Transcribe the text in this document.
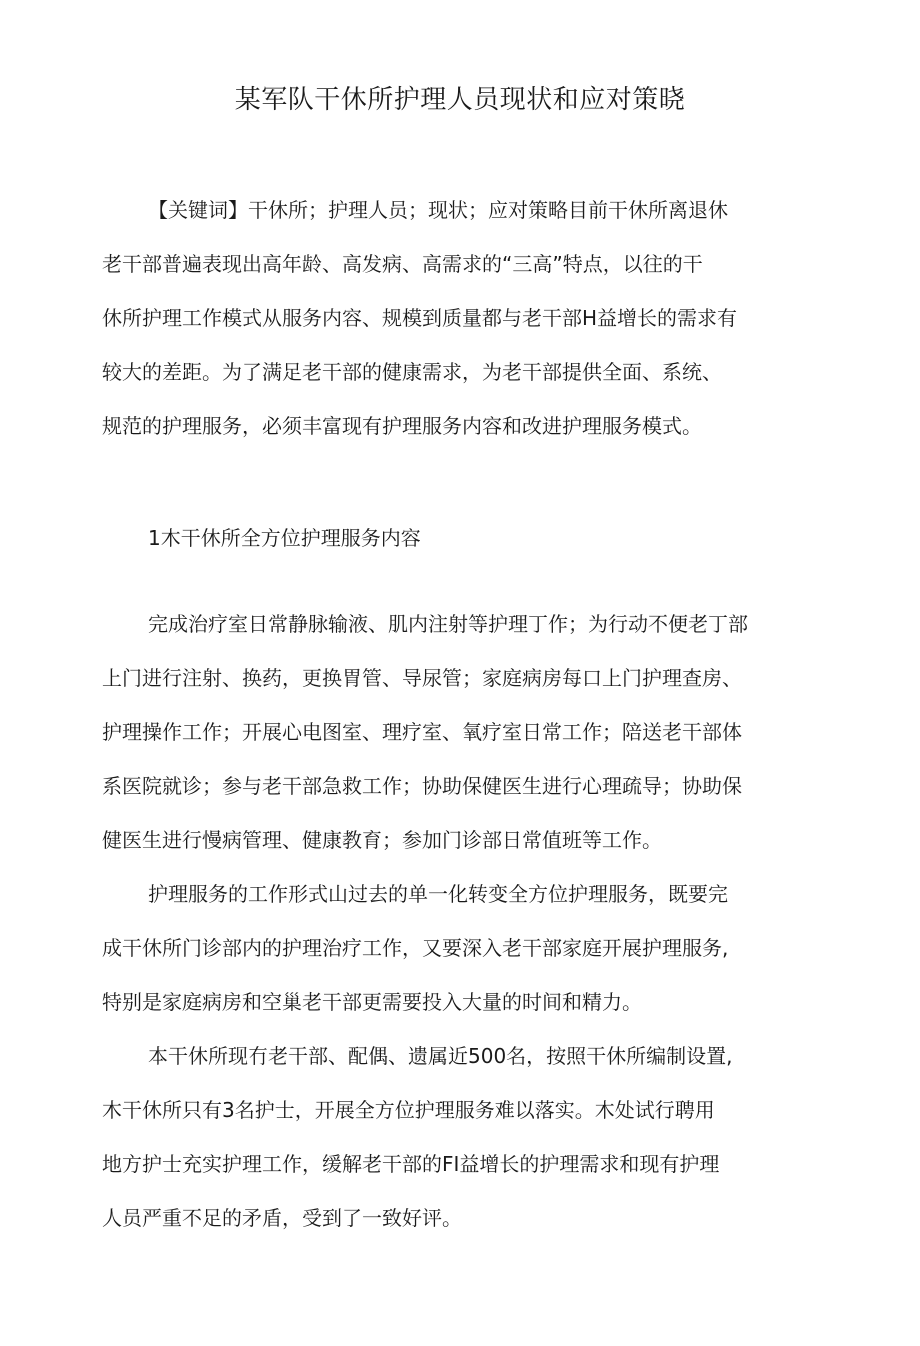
某军队干休所护理人员现状和应对策晓
【关键词】干休所；护理人员；现状；应对策略目前干休所离退休
老干部普遍表现出高年龄、高发病、高需求的“三高”特点，以往的干
休所护理工作模式从服务内容、规模到质量都与老干部H益增长的需求有
较大的差距。为了满足老干部的健康需求，为老干部提供全面、系统、
规范的护理服务，必须丰富现有护理服务内容和改进护理服务模式。
1木干休所全方位护理服务内容
完成治疗室日常静脉输液、肌内注射等护理丁作；为行动不便老丁部
上门进行注射、换药，更换胃管、导尿管；家庭病房每口上门护理查房、
护理操作工作；开展心电图室、理疗室、氧疗室日常工作；陪送老干部体
系医院就诊；参与老干部急救工作；协助保健医生进行心理疏导；协助保
健医生进行慢病管理、健康教育；参加门诊部日常值班等工作。
护理服务的工作形式山过去的单一化转变全方位护理服务，既要完
成干休所门诊部内的护理治疗工作，又要深入老干部家庭开展护理服务,
特别是家庭病房和空巢老干部更需要投入大量的时间和精力。
本干休所现冇老干部、配偶、遗属近500名，按照干休所编制设置,
木干休所只有3名护士，开展全方位护理服务难以落实。木处试行聘用
地方护士充实护理工作，缓解老干部的FI益增长的护理需求和现有护理
人员严重不足的矛盾，受到了一致好评。
